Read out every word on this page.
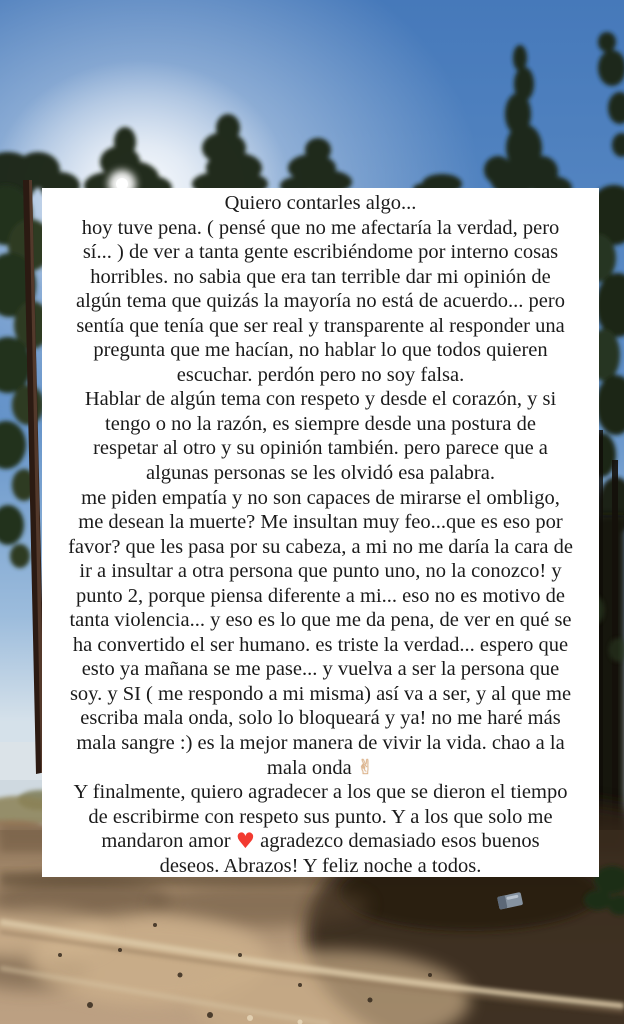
Quiero contarles algo...
hoy tuve pena. ( pensé que no me afectaría la verdad, pero
sí... ) de ver a tanta gente escribiéndome por interno cosas
horribles. no sabia que era tan terrible dar mi opinión de
algún tema que quizás la mayoría no está de acuerdo... pero
sentía que tenía que ser real y transparente al responder una
pregunta que me hacían, no hablar lo que todos quieren
escuchar. perdón pero no soy falsa.
Hablar de algún tema con respeto y desde el corazón, y si
tengo o no la razón, es siempre desde una postura de
respetar al otro y su opinión también. pero parece que a
algunas personas se les olvidó esa palabra.
me piden empatía y no son capaces de mirarse el ombligo,
me desean la muerte? Me insultan muy feo...que es eso por
favor? que les pasa por su cabeza, a mi no me daría la cara de
ir a insultar a otra persona que punto uno, no la conozco! y
punto 2, porque piensa diferente a mi... eso no es motivo de
tanta violencia... y eso es lo que me da pena, de ver en qué se
ha convertido el ser humano. es triste la verdad... espero que
esto ya mañana se me pase... y vuelva a ser la persona que
soy. y SI ( me respondo a mi misma) así va a ser, y al que me
escriba mala onda, solo lo bloqueará y ya! no me haré más
mala sangre :) es la mejor manera de vivir la vida. chao a la
mala onda ✌
Y finalmente, quiero agradecer a los que se dieron el tiempo
de escribirme con respeto sus punto. Y a los que solo me
mandaron amor ♥ agradezco demasiado esos buenos
deseos. Abrazos! Y feliz noche a todos.
